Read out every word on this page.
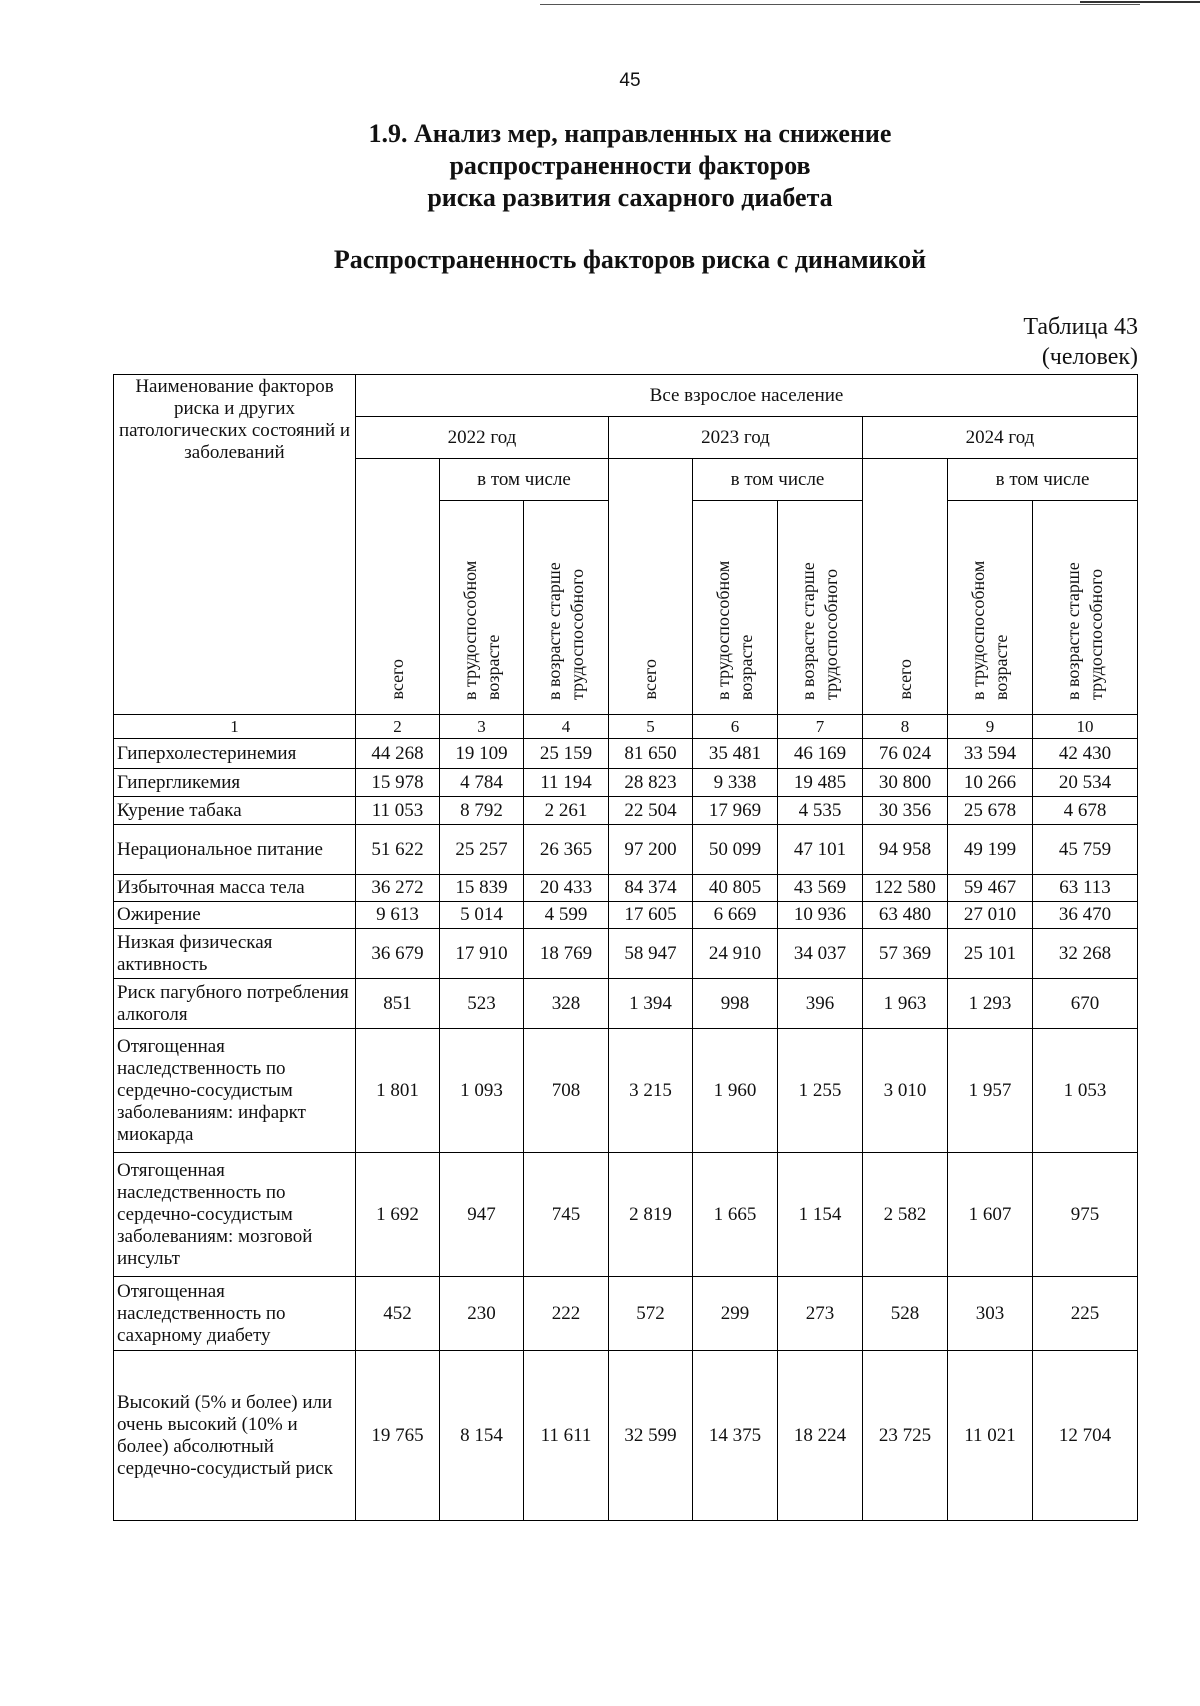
45
1.9. Анализ мер, направленных на снижение
распространенности факторов
риска развития сахарного диабета
Распространенность факторов риска с динамикой
Таблица 43
(человек)
Наименование факторов риска и других патологических состояний и заболеваний	Все взрослое население								
	2022 год			2023 год			2024 год		
	всего	в том числе		всего	в том числе		всего	в том числе	
		в трудоспособном возрасте	в возрасте старше трудоспособного		в трудоспособном возрасте	в возрасте старше трудоспособного		в трудоспособном возрасте	в возрасте старше трудоспособного
1	2	3	4	5	6	7	8	9	10
Гиперхолестеринемия	44 268	19 109	25 159	81 650	35 481	46 169	76 024	33 594	42 430
Гипергликемия	15 978	4 784	11 194	28 823	9 338	19 485	30 800	10 266	20 534
Курение табака	11 053	8 792	2 261	22 504	17 969	4 535	30 356	25 678	4 678
Нерациональное питание	51 622	25 257	26 365	97 200	50 099	47 101	94 958	49 199	45 759
Избыточная масса тела	36 272	15 839	20 433	84 374	40 805	43 569	122 580	59 467	63 113
Ожирение	9 613	5 014	4 599	17 605	6 669	10 936	63 480	27 010	36 470
Низкая физическая активность	36 679	17 910	18 769	58 947	24 910	34 037	57 369	25 101	32 268
Риск пагубного потребления алкоголя	851	523	328	1 394	998	396	1 963	1 293	670
Отягощенная наследственность по сердечно-сосудистым заболеваниям: инфаркт миокарда	1 801	1 093	708	3 215	1 960	1 255	3 010	1 957	1 053
Отягощенная наследственность по сердечно-сосудистым заболеваниям: мозговой инсульт	1 692	947	745	2 819	1 665	1 154	2 582	1 607	975
Отягощенная наследственность по сахарному диабету	452	230	222	572	299	273	528	303	225
Высокий (5% и более) или очень высокий (10% и более) абсолютный сердечно-сосудистый риск	19 765	8 154	11 611	32 599	14 375	18 224	23 725	11 021	12 704
